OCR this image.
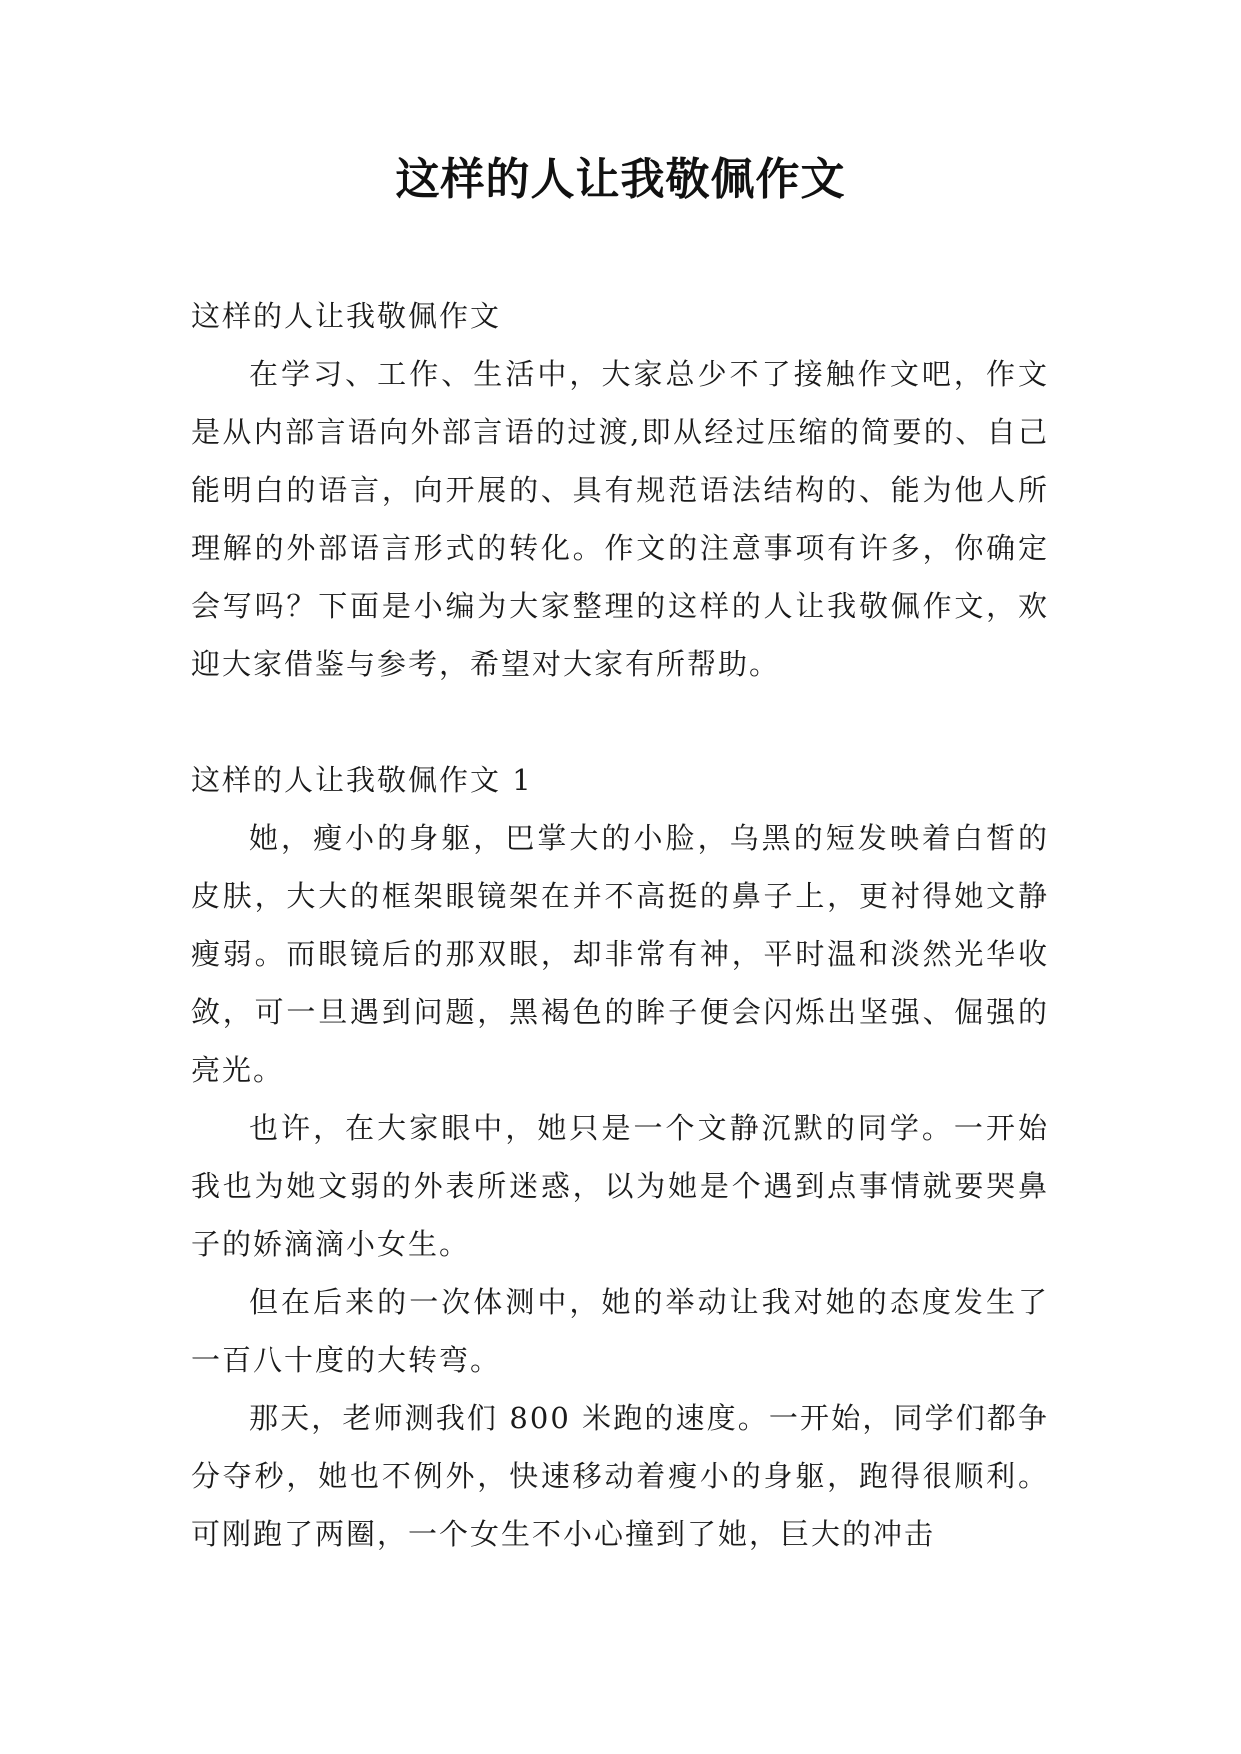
这样的人让我敬佩作文

这样的人让我敬佩作文

在学习、工作、生活中，大家总少不了接触作文吧，作文是从内部言语向外部言语的过渡,即从经过压缩的简要的、自己能明白的语言，向开展的、具有规范语法结构的、能为他人所理解的外部语言形式的转化。作文的注意事项有许多，你确定会写吗？下面是小编为大家整理的这样的人让我敬佩作文，欢迎大家借鉴与参考，希望对大家有所帮助。

这样的人让我敬佩作文 1

她，瘦小的身躯，巴掌大的小脸，乌黑的短发映着白皙的皮肤，大大的框架眼镜架在并不高挺的鼻子上，更衬得她文静瘦弱。而眼镜后的那双眼，却非常有神，平时温和淡然光华收敛，可一旦遇到问题，黑褐色的眸子便会闪烁出坚强、倔强的亮光。

也许，在大家眼中，她只是一个文静沉默的同学。一开始我也为她文弱的外表所迷惑，以为她是个遇到点事情就要哭鼻子的娇滴滴小女生。

但在后来的一次体测中，她的举动让我对她的态度发生了一百八十度的大转弯。

那天，老师测我们 800 米跑的速度。一开始，同学们都争分夺秒，她也不例外，快速移动着瘦小的身躯，跑得很顺利。可刚跑了两圈，一个女生不小心撞到了她，巨大的冲击
